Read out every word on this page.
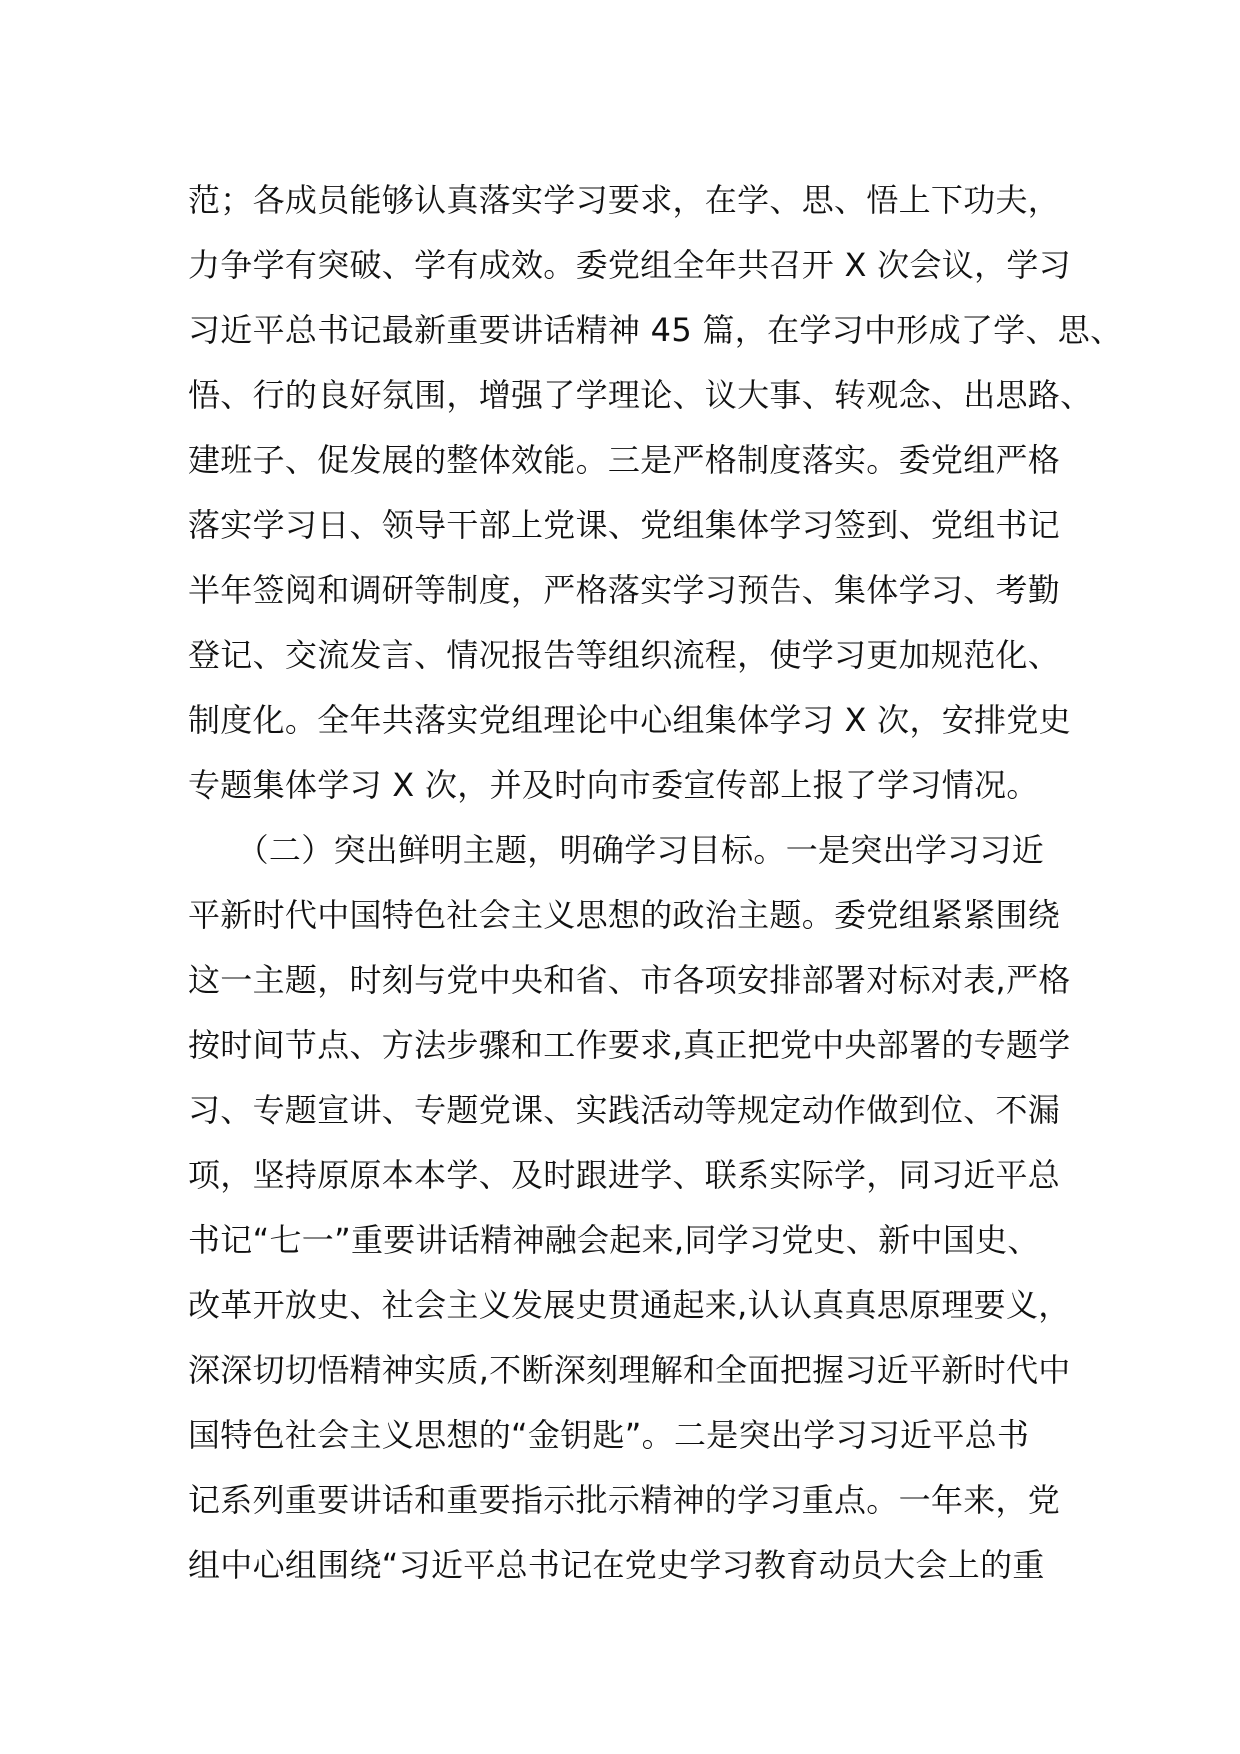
范；各成员能够认真落实学习要求，在学、思、悟上下功夫，
力争学有突破、学有成效。委党组全年共召开 X 次会议，学习
习近平总书记最新重要讲话精神 45 篇，在学习中形成了学、思、
悟、行的良好氛围，增强了学理论、议大事、转观念、出思路、
建班子、促发展的整体效能。三是严格制度落实。委党组严格
落实学习日、领导干部上党课、党组集体学习签到、党组书记
半年签阅和调研等制度，严格落实学习预告、集体学习、考勤
登记、交流发言、情况报告等组织流程，使学习更加规范化、
制度化。全年共落实党组理论中心组集体学习 X 次，安排党史
专题集体学习 X 次，并及时向市委宣传部上报了学习情况。
　　（二）突出鲜明主题，明确学习目标。一是突出学习习近
平新时代中国特色社会主义思想的政治主题。委党组紧紧围绕
这一主题，时刻与党中央和省、市各项安排部署对标对表,严格
按时间节点、方法步骤和工作要求,真正把党中央部署的专题学
习、专题宣讲、专题党课、实践活动等规定动作做到位、不漏
项，坚持原原本本学、及时跟进学、联系实际学，同习近平总
书记“七一”重要讲话精神融会起来,同学习党史、新中国史、
改革开放史、社会主义发展史贯通起来,认认真真思原理要义，
深深切切悟精神实质,不断深刻理解和全面把握习近平新时代中
国特色社会主义思想的“金钥匙”。二是突出学习习近平总书
记系列重要讲话和重要指示批示精神的学习重点。一年来，党
组中心组围绕“习近平总书记在党史学习教育动员大会上的重
